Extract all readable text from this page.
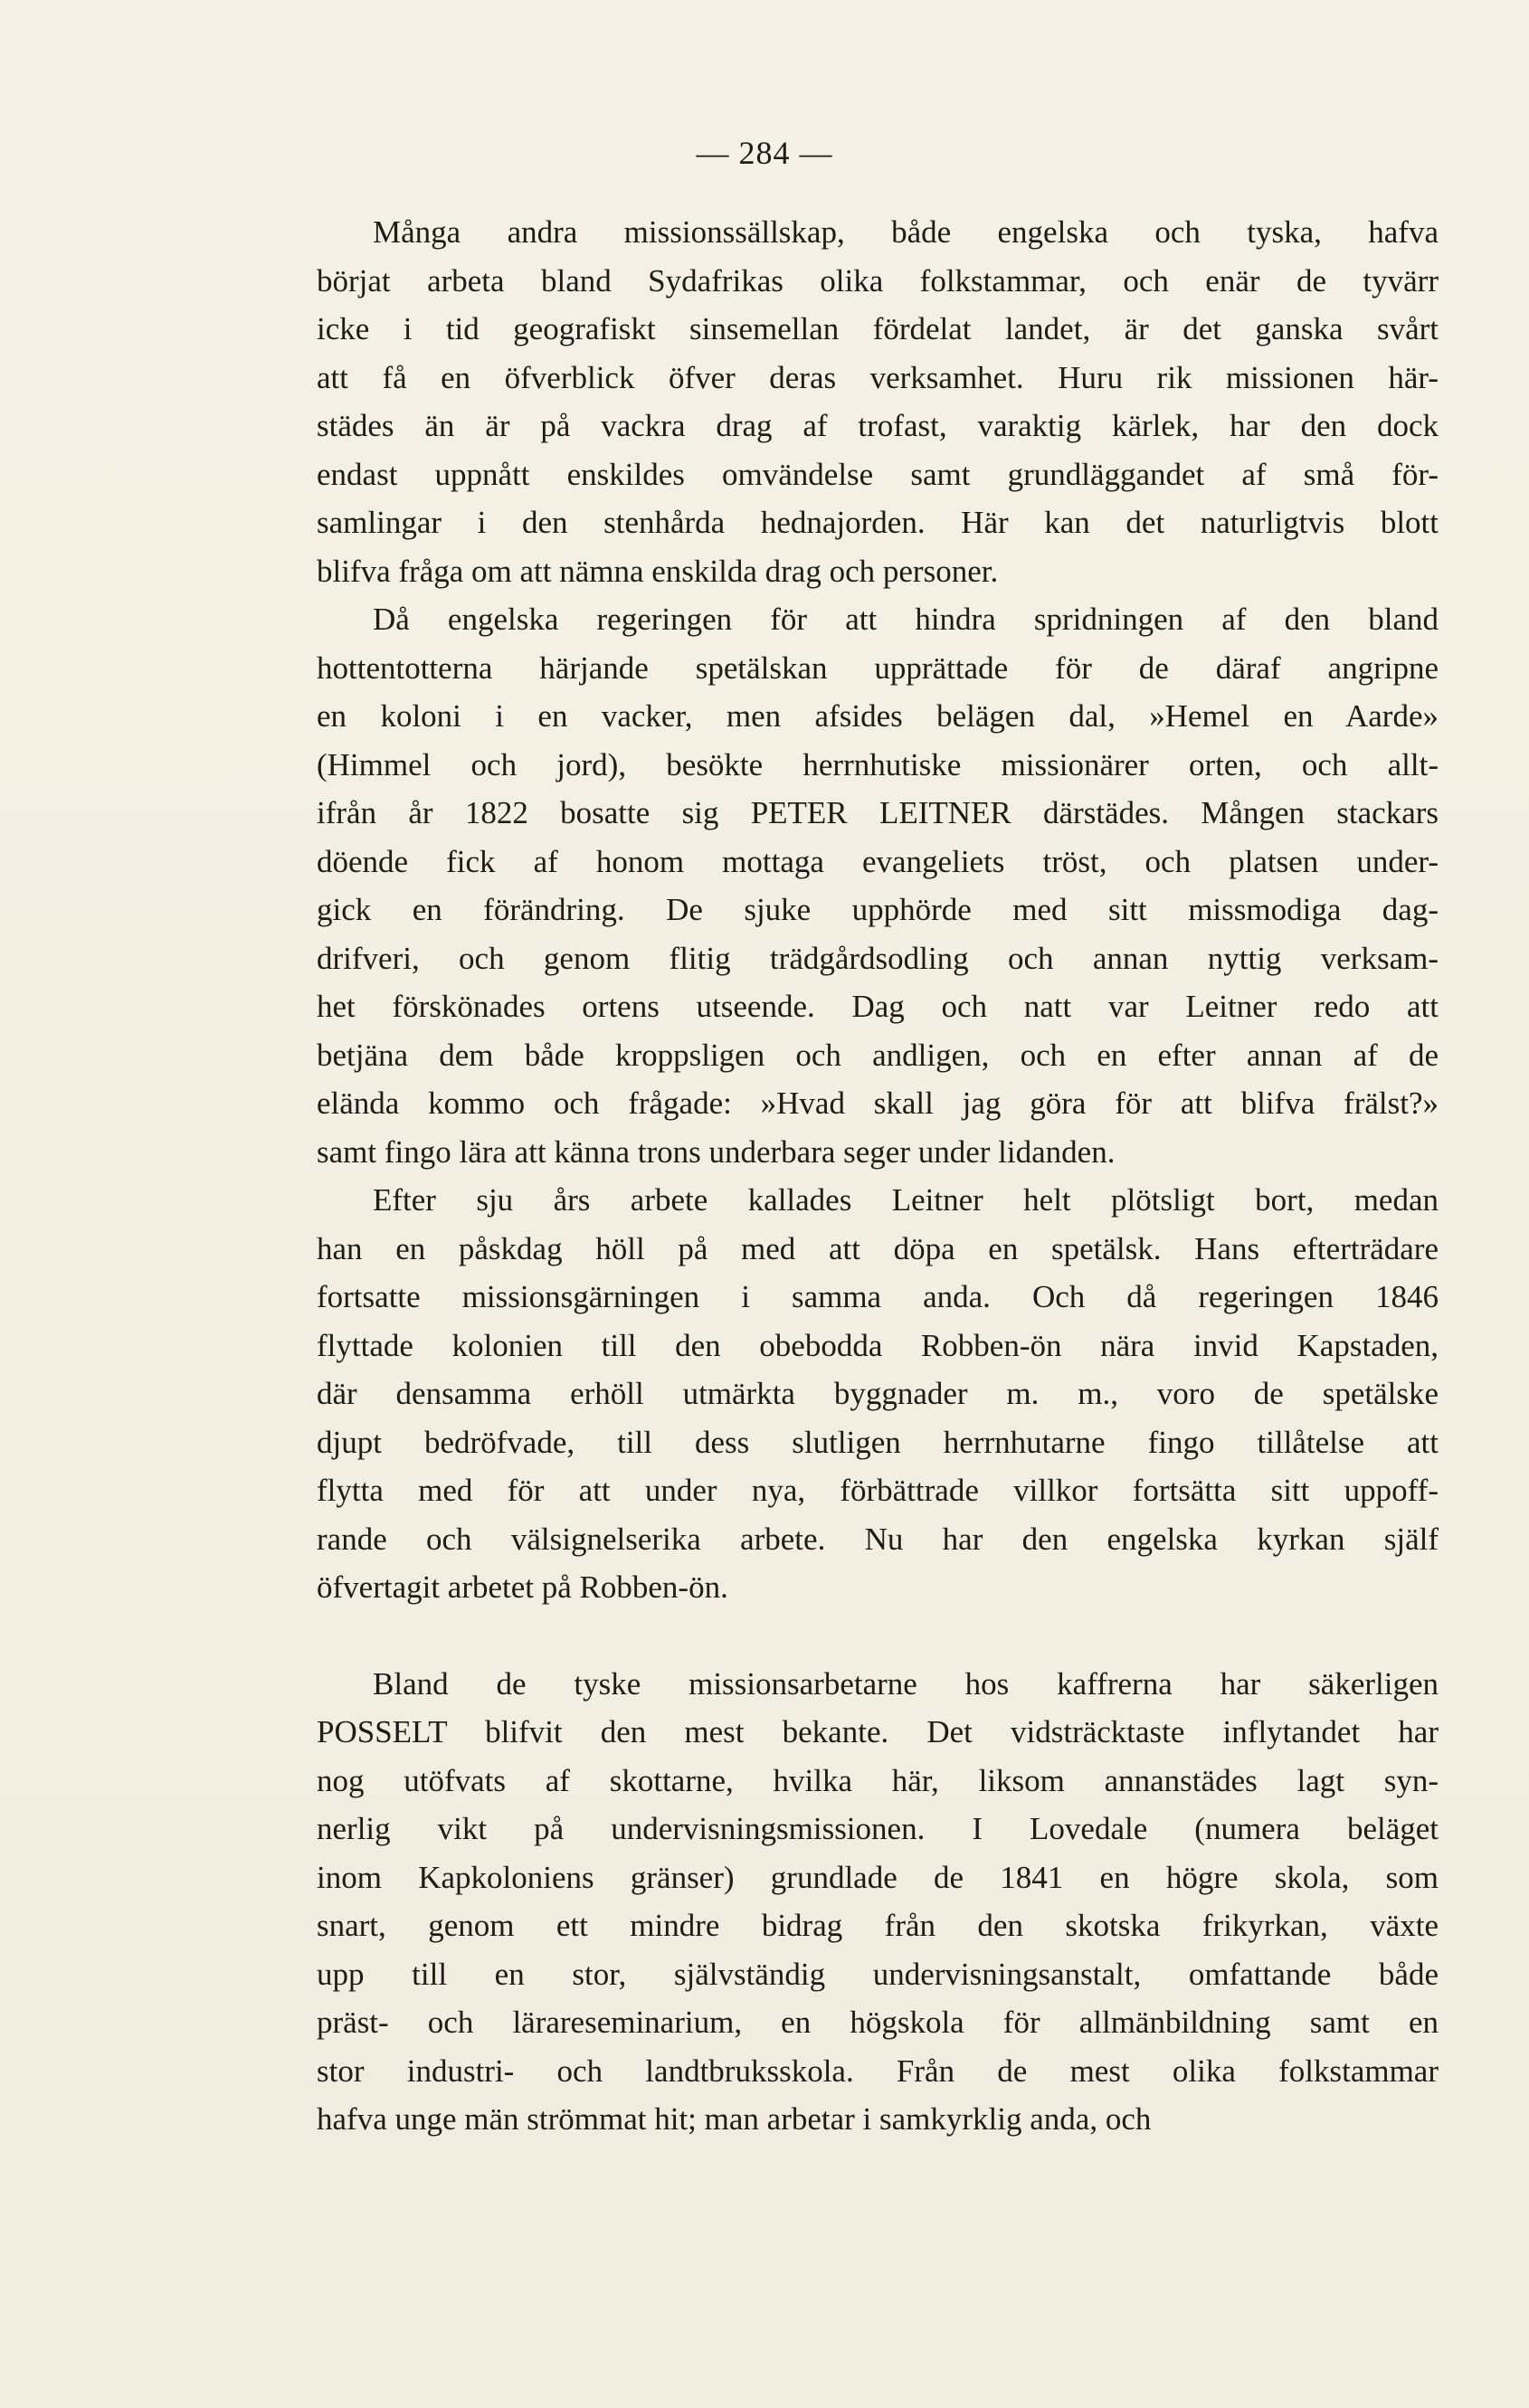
— 284 —
Många andra missionssällskap, både engelska och tyska, hafva
börjat arbeta bland Sydafrikas olika folkstammar, och enär de tyvärr
icke i tid geografiskt sinsemellan fördelat landet, är det ganska svårt
att få en öfverblick öfver deras verksamhet. Huru rik missionen här-
städes än är på vackra drag af trofast, varaktig kärlek, har den dock
endast uppnått enskildes omvändelse samt grundläggandet af små för-
samlingar i den stenhårda hednajorden. Här kan det naturligtvis blott
blifva fråga om att nämna enskilda drag och personer.
Då engelska regeringen för att hindra spridningen af den bland
hottentotterna härjande spetälskan upprättade för de däraf angripne
en koloni i en vacker, men afsides belägen dal, »Hemel en Aarde»
(Himmel och jord), besökte herrnhutiske missionärer orten, och allt-
ifrån år 1822 bosatte sig PETER LEITNER därstädes. Mången stackars
döende fick af honom mottaga evangeliets tröst, och platsen under-
gick en förändring. De sjuke upphörde med sitt missmodiga dag-
drifveri, och genom flitig trädgårdsodling och annan nyttig verksam-
het förskönades ortens utseende. Dag och natt var Leitner redo att
betjäna dem både kroppsligen och andligen, och en efter annan af de
elända kommo och frågade: »Hvad skall jag göra för att blifva frälst?»
samt fingo lära att känna trons underbara seger under lidanden.
Efter sju års arbete kallades Leitner helt plötsligt bort, medan
han en påskdag höll på med att döpa en spetälsk. Hans efterträdare
fortsatte missionsgärningen i samma anda. Och då regeringen 1846
flyttade kolonien till den obebodda Robben-ön nära invid Kapstaden,
där densamma erhöll utmärkta byggnader m. m., voro de spetälske
djupt bedröfvade, till dess slutligen herrnhutarne fingo tillåtelse att
flytta med för att under nya, förbättrade villkor fortsätta sitt uppoff-
rande och välsignelserika arbete. Nu har den engelska kyrkan själf
öfvertagit arbetet på Robben-ön.
Bland de tyske missionsarbetarne hos kaffrerna har säkerligen
POSSELT blifvit den mest bekante. Det vidsträcktaste inflytandet har
nog utöfvats af skottarne, hvilka här, liksom annanstädes lagt syn-
nerlig vikt på undervisningsmissionen. I Lovedale (numera beläget
inom Kapkoloniens gränser) grundlade de 1841 en högre skola, som
snart, genom ett mindre bidrag från den skotska frikyrkan, växte
upp till en stor, självständig undervisningsanstalt, omfattande både
präst- och lärareseminarium, en högskola för allmänbildning samt en
stor industri- och landtbruksskola. Från de mest olika folkstammar
hafva unge män strömmat hit; man arbetar i samkyrklig anda, och
